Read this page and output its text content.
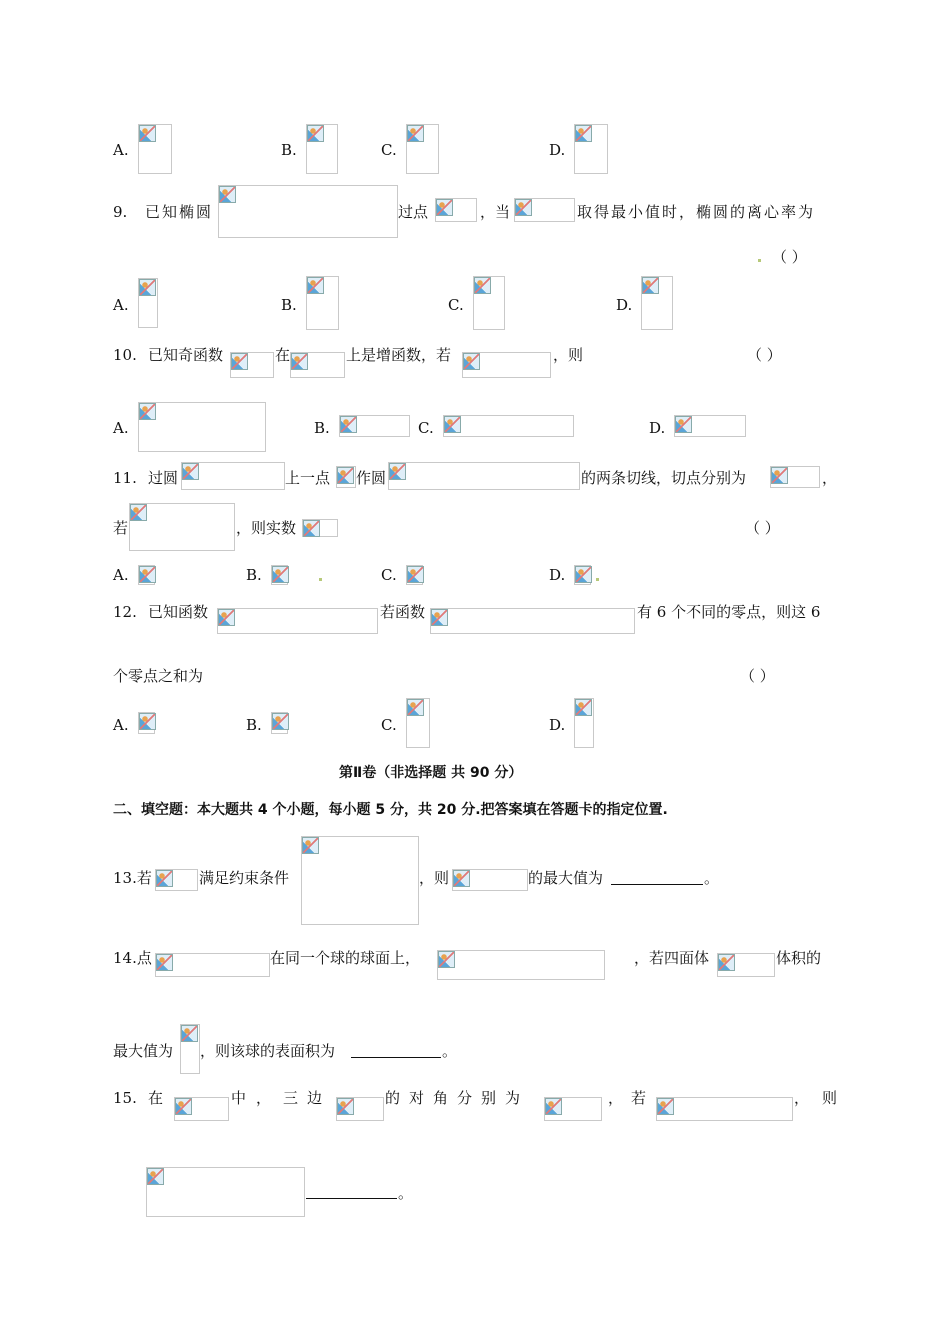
A.	B.	C.	D.
9. 已知椭圆	过点	，当	取得最小值时，椭圆的离心率为
（ ）
A.	B.	C.	D.
10. 已知奇函数	在	上是增函数，若	，则	（ ）
A.	B.	C.	D.
11. 过圆	上一点 作圆	的两条切线，切点分别为	，
若	，则实数	（ ）
A.	B.	C.	D.
12. 已知函数	若函数	有 6 个不同的零点，则这 6
个零点之和为	（ ）
A.	B.	C.	D.
第Ⅱ卷（非选择题 共 90 分）
二、填空题：本大题共 4 个小题，每小题 5 分，共 20 分.把答案填在答题卡的指定位置.
13.若	满足约束条件	，则	的最大值为	。
14.点	在同一个球的球面上，	，若四面体	体积的
最大值为 ，则该球的表面积为	。
15. 在	中 ， 三边	的对角分别为	， 若	， 则
。
